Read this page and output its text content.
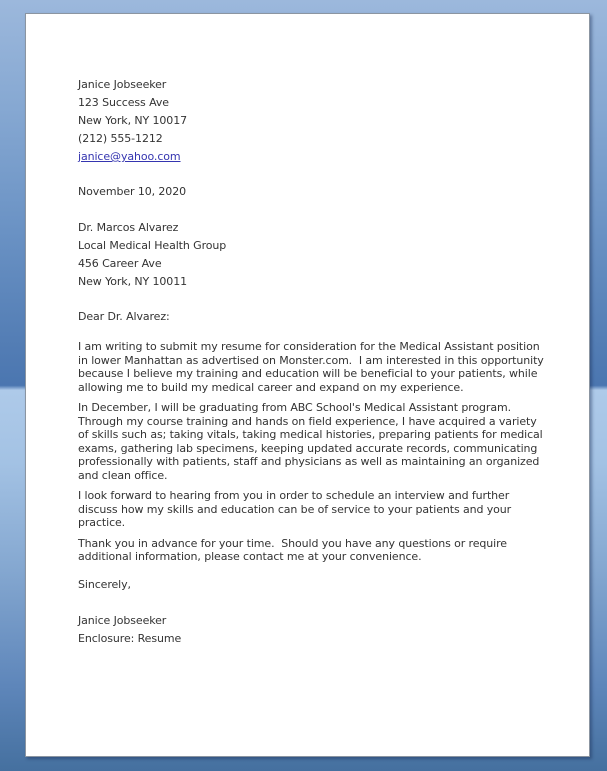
Janice Jobseeker
123 Success Ave
New York, NY 10017
(212) 555-1212
janice@yahoo.com
November 10, 2020
Dr. Marcos Alvarez
Local Medical Health Group
456 Career Ave
New York, NY 10011
Dear Dr. Alvarez:

I am writing to submit my resume for consideration for the Medical Assistant position in lower Manhattan as advertised on Monster.com.  I am interested in this opportunity because I believe my training and education will be beneficial to your patients, while allowing me to build my medical career and expand on my experience.

In December, I will be graduating from ABC School's Medical Assistant program.  Through my course training and hands on field experience, I have acquired a variety of skills such as; taking vitals, taking medical histories, preparing patients for medical exams, gathering lab specimens, keeping updated accurate records, communicating professionally with patients, staff and physicians as well as maintaining an organized and clean office.

I look forward to hearing from you in order to schedule an interview and further discuss how my skills and education can be of service to your patients and your practice.

Thank you in advance for your time.  Should you have any questions or require additional information, please contact me at your convenience.

Sincerely,
Janice Jobseeker
Enclosure: Resume
